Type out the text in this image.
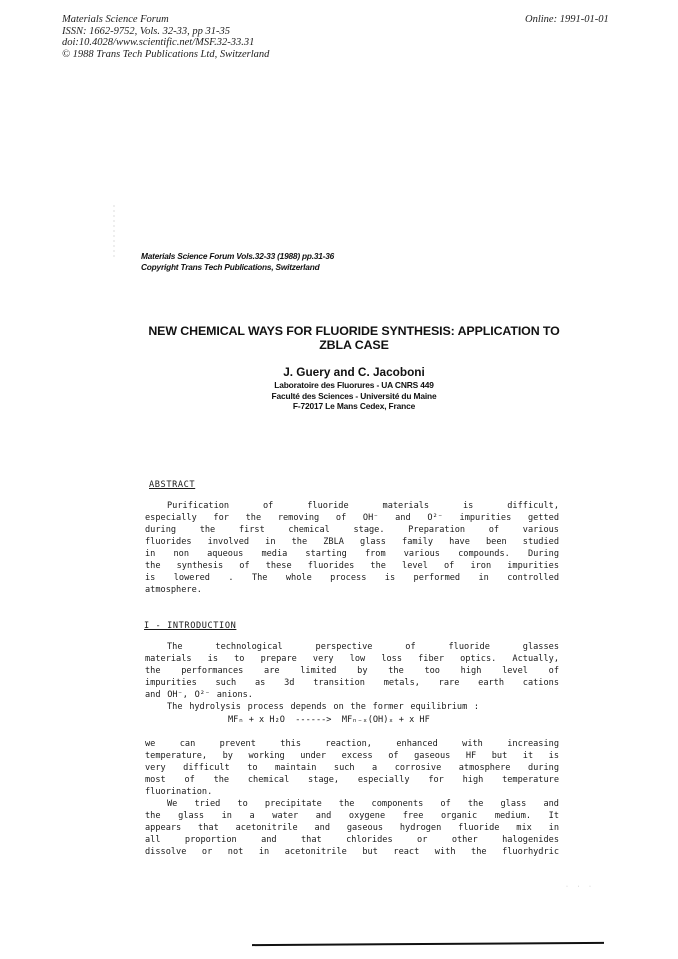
Materials Science Forum
ISSN: 1662-9752, Vols. 32-33, pp 31-35
doi:10.4028/www.scientific.net/MSF.32-33.31
© 1988 Trans Tech Publications Ltd, Switzerland
Online: 1991-01-01
Materials Science Forum Vols.32-33 (1988) pp.31-36
Copyright Trans Tech Publications, Switzerland
NEW CHEMICAL WAYS FOR FLUORIDE SYNTHESIS: APPLICATION TO
ZBLA CASE
J. Guery and C. Jacoboni
Laboratoire des Fluorures - UA CNRS 449
Faculté des Sciences - Université du Maine
F-72017 Le Mans Cedex, France
ABSTRACT
Purification of fluoride materials is difficult,
especially for the removing of OH⁻ and O²⁻ impurities getted
during the first chemical stage. Preparation of various
fluorides involved in the ZBLA glass family have been studied
in non aqueous media starting from various compounds. During
the synthesis of these fluorides the level of iron impurities
is lowered . The whole process is performed in controlled
atmosphere.
I - INTRODUCTION
The technological perspective of fluoride glasses
materials is to prepare very low loss fiber optics. Actually,
the performances are limited by the too high level of
impurities such as 3d transition metals, rare earth cations
and OH⁻, O²⁻ anions.
The hydrolysis process depends on the former equilibrium :
MFₙ + x H₂O  ------>  MFₙ₋ₓ(OH)ₓ + x HF
we can prevent this reaction, enhanced with increasing
temperature, by working under excess of gaseous HF but it is
very difficult to maintain such a corrosive atmosphere during
most of the chemical stage, especially for high temperature
fluorination.
We tried to precipitate the components of the glass and
the glass in a water and oxygene free organic medium. It
appears that acetonitrile and gaseous hydrogen fluoride mix in
all proportion and that chlorides or other halogenides
dissolve or not in acetonitrile but react with the fluorhydric
· · ·
